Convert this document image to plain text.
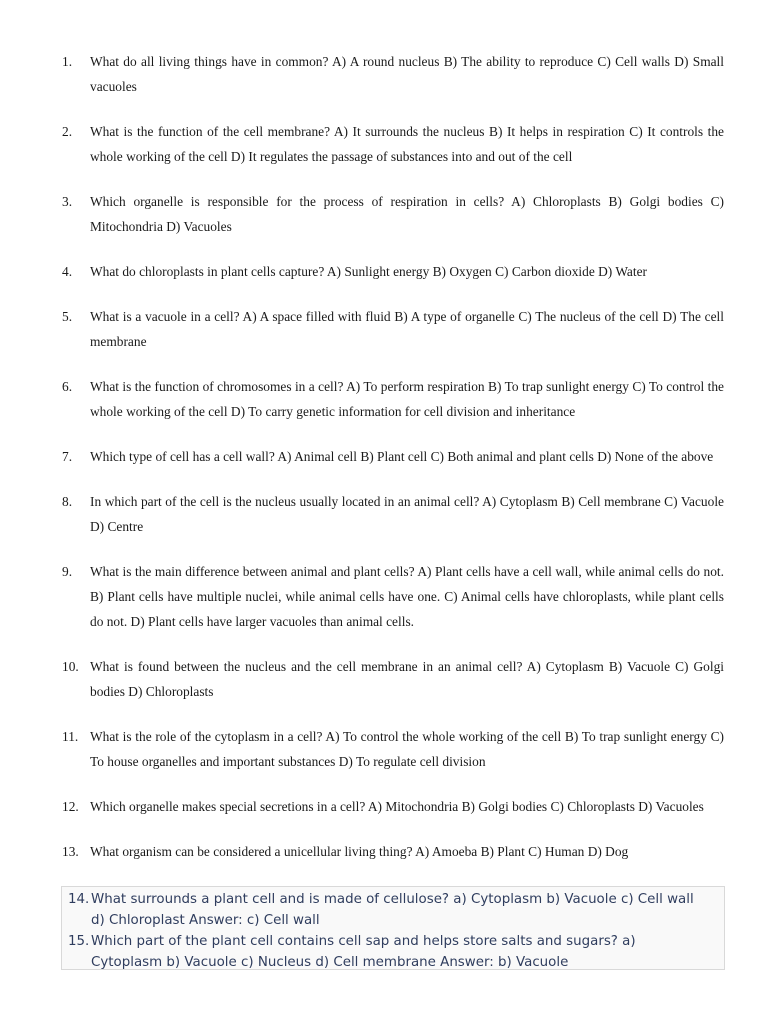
1.	What do all living things have in common? A) A round nucleus B) The ability to reproduce C) Cell walls D) Small vacuoles
2.	What is the function of the cell membrane? A) It surrounds the nucleus B) It helps in respiration C) It controls the whole working of the cell D) It regulates the passage of substances into and out of the cell
3.	Which organelle is responsible for the process of respiration in cells? A) Chloroplasts B) Golgi bodies C) Mitochondria D) Vacuoles
4.	What do chloroplasts in plant cells capture? A) Sunlight energy B) Oxygen C) Carbon dioxide D) Water
5.	What is a vacuole in a cell? A) A space filled with fluid B) A type of organelle C) The nucleus of the cell D) The cell membrane
6.	What is the function of chromosomes in a cell? A) To perform respiration B) To trap sunlight energy C) To control the whole working of the cell D) To carry genetic information for cell division and inheritance
7.	Which type of cell has a cell wall? A) Animal cell B) Plant cell C) Both animal and plant cells D) None of the above
8.	In which part of the cell is the nucleus usually located in an animal cell? A) Cytoplasm B) Cell membrane C) Vacuole D) Centre
9.	What is the main difference between animal and plant cells? A) Plant cells have a cell wall, while animal cells do not. B) Plant cells have multiple nuclei, while animal cells have one. C) Animal cells have chloroplasts, while plant cells do not. D) Plant cells have larger vacuoles than animal cells.
10. What is found between the nucleus and the cell membrane in an animal cell? A) Cytoplasm B) Vacuole C) Golgi bodies D) Chloroplasts
11. What is the role of the cytoplasm in a cell? A) To control the whole working of the cell B) To trap sunlight energy C) To house organelles and important substances D) To regulate cell division
12. Which organelle makes special secretions in a cell? A) Mitochondria B) Golgi bodies C) Chloroplasts D) Vacuoles
13. What organism can be considered a unicellular living thing? A) Amoeba B) Plant C) Human D) Dog
14. What surrounds a plant cell and is made of cellulose? a) Cytoplasm b) Vacuole c) Cell wall d) Chloroplast Answer: c) Cell wall
15. Which part of the plant cell contains cell sap and helps store salts and sugars? a) Cytoplasm b) Vacuole c) Nucleus d) Cell membrane Answer: b) Vacuole
